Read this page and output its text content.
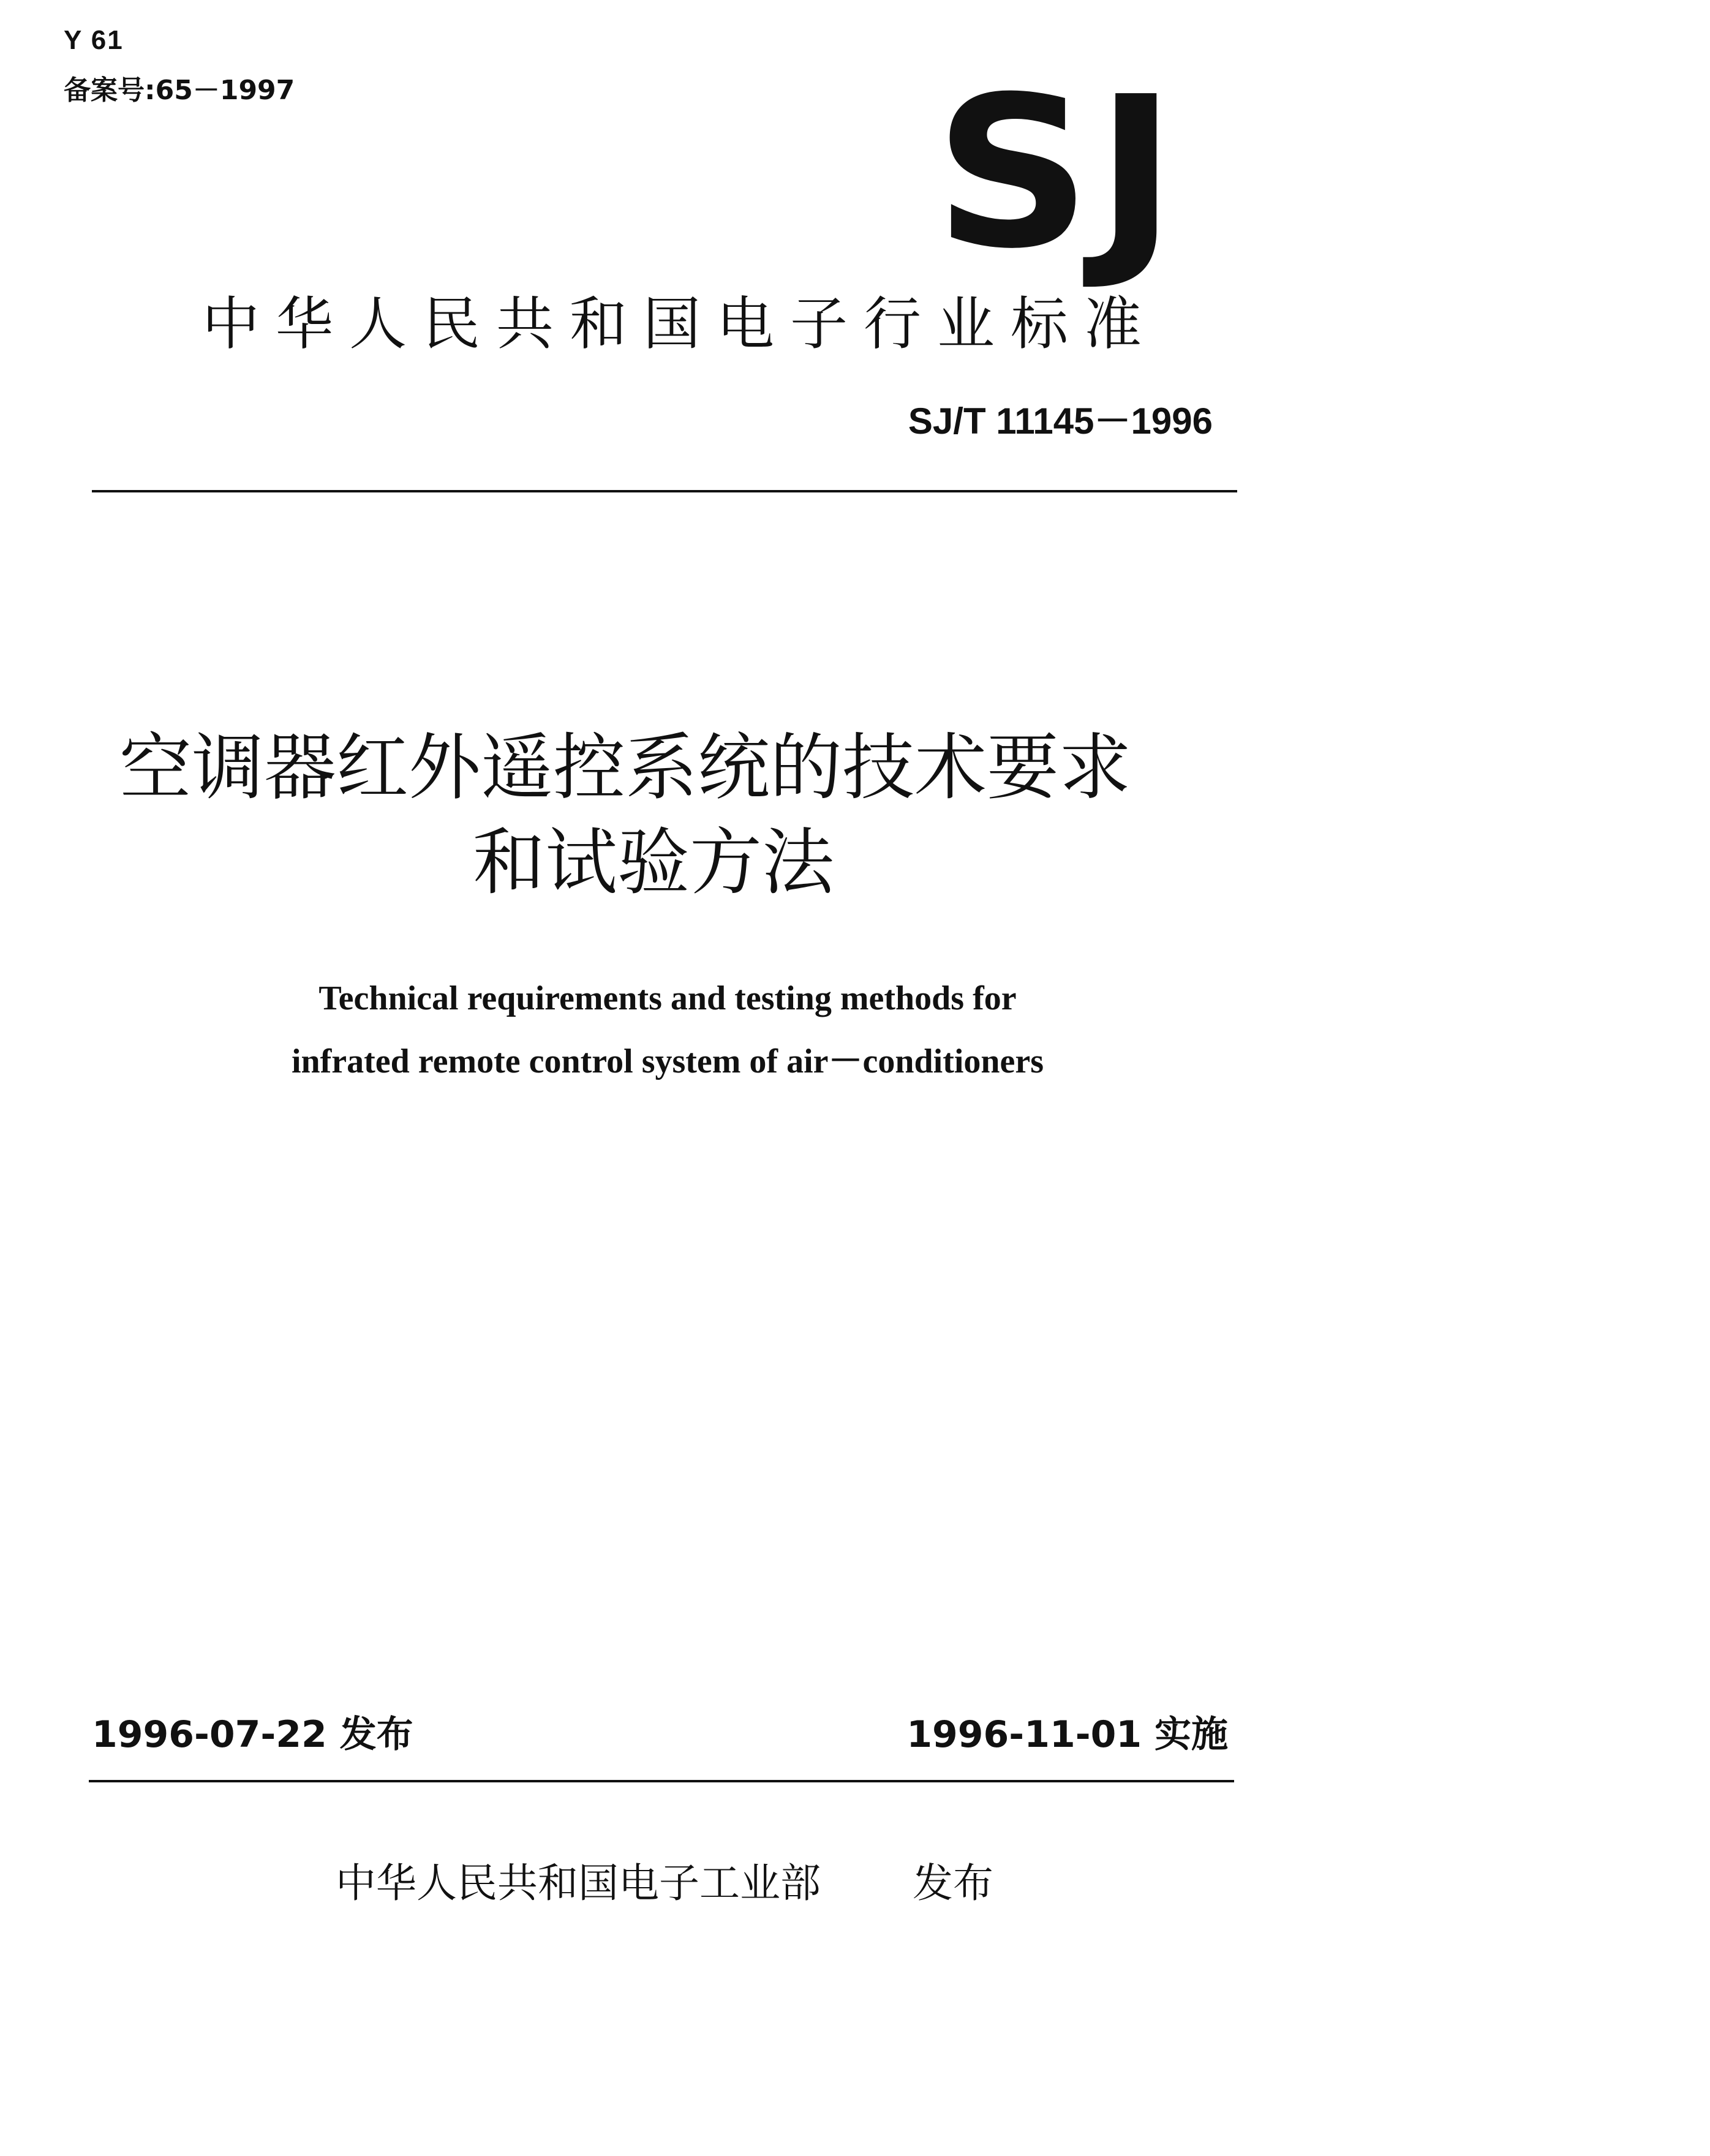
Y 61
备案号:65－1997	SJ
中华人民共和国电子行业标准
SJ/T 11145－1996
空调器红外遥控系统的技术要求
和试验方法
Technical requirements and testing methods for
infrated remote control system of air－conditioners
1996-07-22 发布	1996-11-01 实施
中华人民共和国电子工业部 发布
